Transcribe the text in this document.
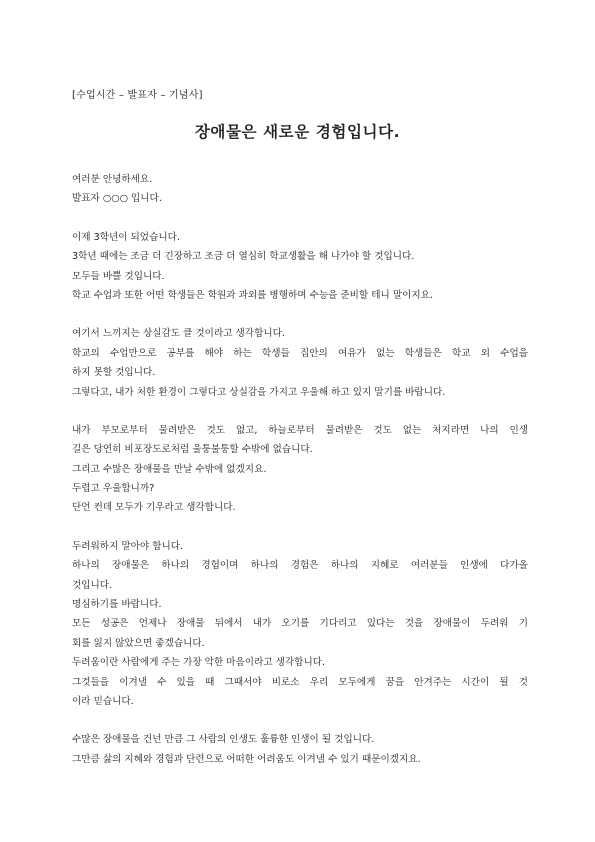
[수업시간 – 발표자 – 기념사]
장애물은 새로운 경험입니다.
여러분 안녕하세요.
발표자 ○○○ 입니다.
이제 3학년이 되었습니다.
3학년 때에는 조금 더 긴장하고 조금 더 열심히 학교생활을 해 나가야 할 것입니다.
모두들 바쁠 것입니다.
학교 수업과 또한 어떤 학생들은 학원과 과외를 병행하며 수능을 준비할 테니 말이지요.
여기서 느끼지는 상실감도 클 것이라고 생각합니다.
학교의 수업만으로 공부를 해야 하는 학생들 집안의 여유가 없는 학생들은 학교 외 수업을
하지 못할 것입니다.
그렇다고, 내가 처한 환경이 그렇다고 상실감을 가지고 우울해 하고 있지 말기를 바랍니다.
내가 부모로부터 물려받은 것도 없고, 하늘로부터 물려받은 것도 없는 처지라면 나의 인생
길은 당연히 비포장도로처럼 울퉁불퉁할 수밖에 없습니다.
그리고 수많은 장애물을 만날 수밖에 없겠지요.
두렵고 우울합니까?
단언 컨데 모두가 기우라고 생각합니다.
두려워하지 말아야 합니다.
하나의 장애물은 하나의 경험이며 하나의 경험은 하나의 지혜로 여러분들 인생에 다가올
것입니다.
명심하기를 바랍니다.
모든 성공은 언제나 장애물 뒤에서 내가 오기를 기다리고 있다는 것을 장애물이 두려워 기
회를 잃지 않았으면 좋겠습니다.
두려움이란 사람에게 주는 가장 악한 마음이라고 생각합니다.
그것들을 이겨낼 수 있을 때 그때서야 비로소 우리 모두에게 꿈을 안겨주는 시간이 될 것
이라 믿습니다.
수많은 장애물을 건넌 만큼 그 사람의 인생도 훌륭한 인생이 될 것입니다.
그만큼 삶의 지혜와 경험과 단련으로 어떠한 어려움도 이겨낼 수 있기 때문이겠지요.
